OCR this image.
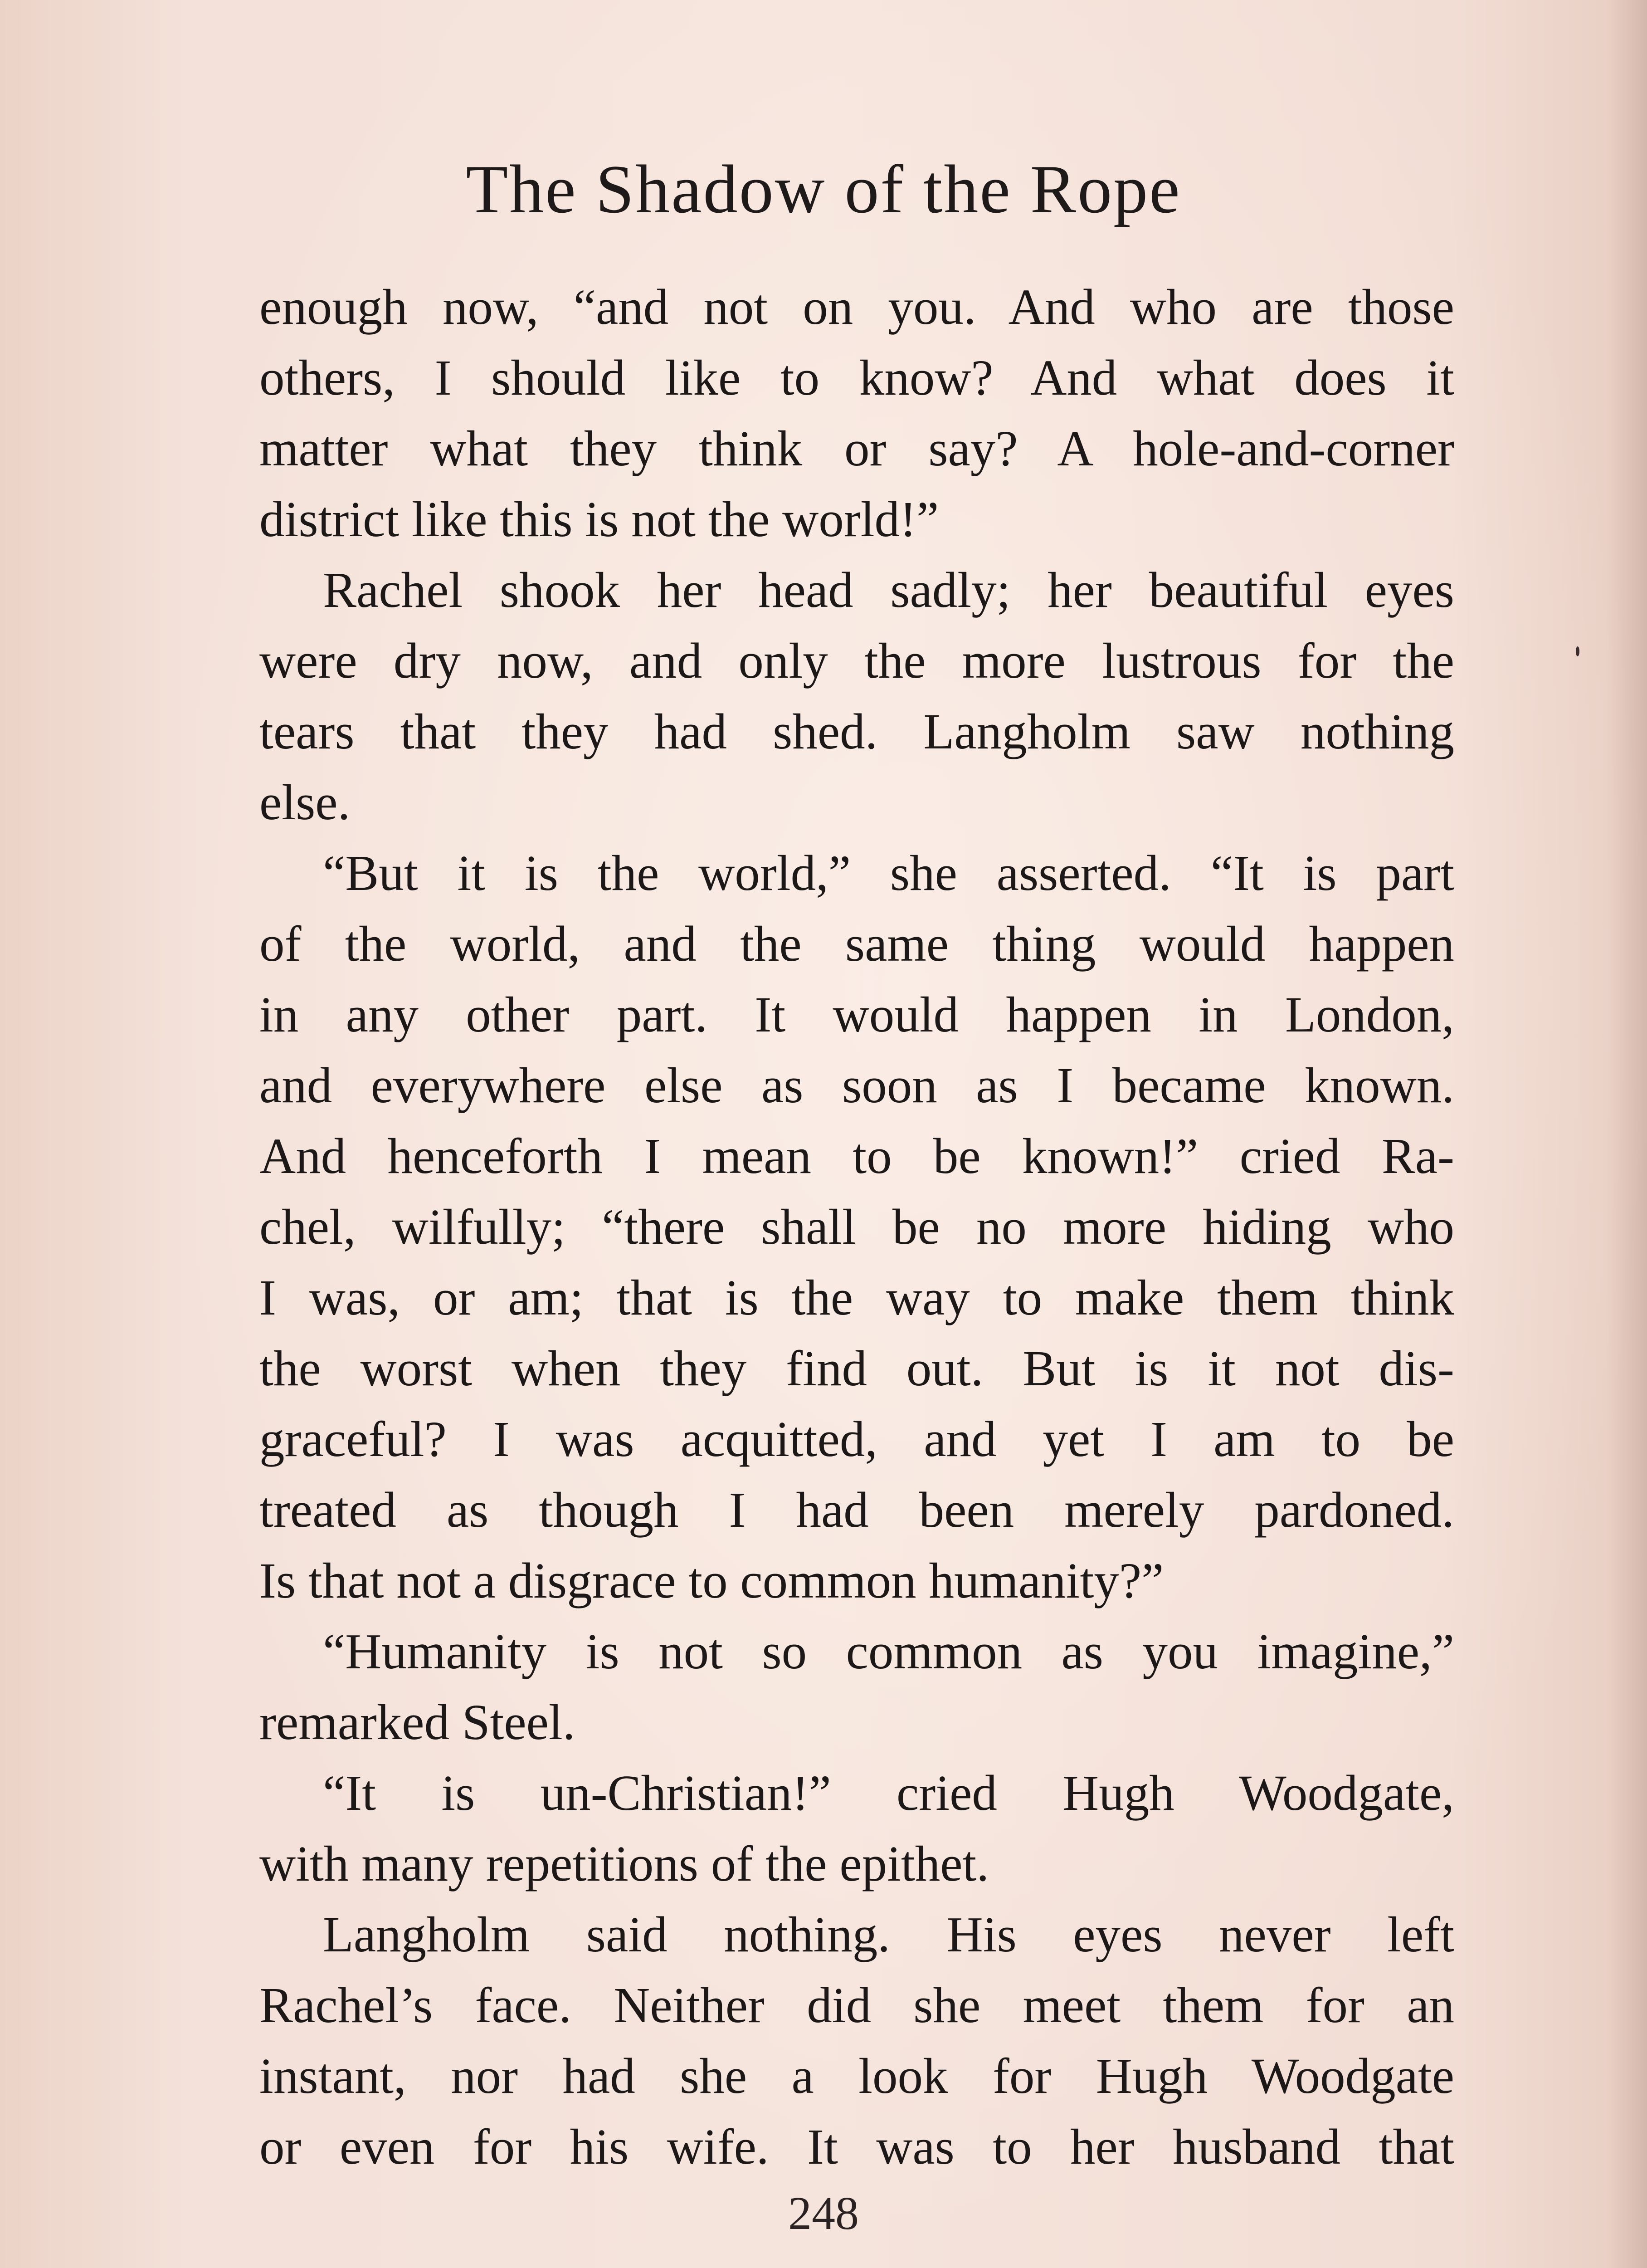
The Shadow of the Rope
enough now, “and not on you. And who are those
others, I should like to know? And what does it
matter what they think or say? A hole-and-corner
district like this is not the world!”
Rachel shook her head sadly; her beautiful eyes
were dry now, and only the more lustrous for the
tears that they had shed. Langholm saw nothing
else.
“But it is the world,” she asserted. “It is part
of the world, and the same thing would happen
in any other part. It would happen in London,
and everywhere else as soon as I became known.
And henceforth I mean to be known!” cried Ra-
chel, wilfully; “there shall be no more hiding who
I was, or am; that is the way to make them think
the worst when they find out. But is it not dis-
graceful? I was acquitted, and yet I am to be
treated as though I had been merely pardoned.
Is that not a disgrace to common humanity?”
“Humanity is not so common as you imagine,”
remarked Steel.
“It is un-Christian!” cried Hugh Woodgate,
with many repetitions of the epithet.
Langholm said nothing. His eyes never left
Rachel’s face. Neither did she meet them for an
instant, nor had she a look for Hugh Woodgate
or even for his wife. It was to her husband that
248
